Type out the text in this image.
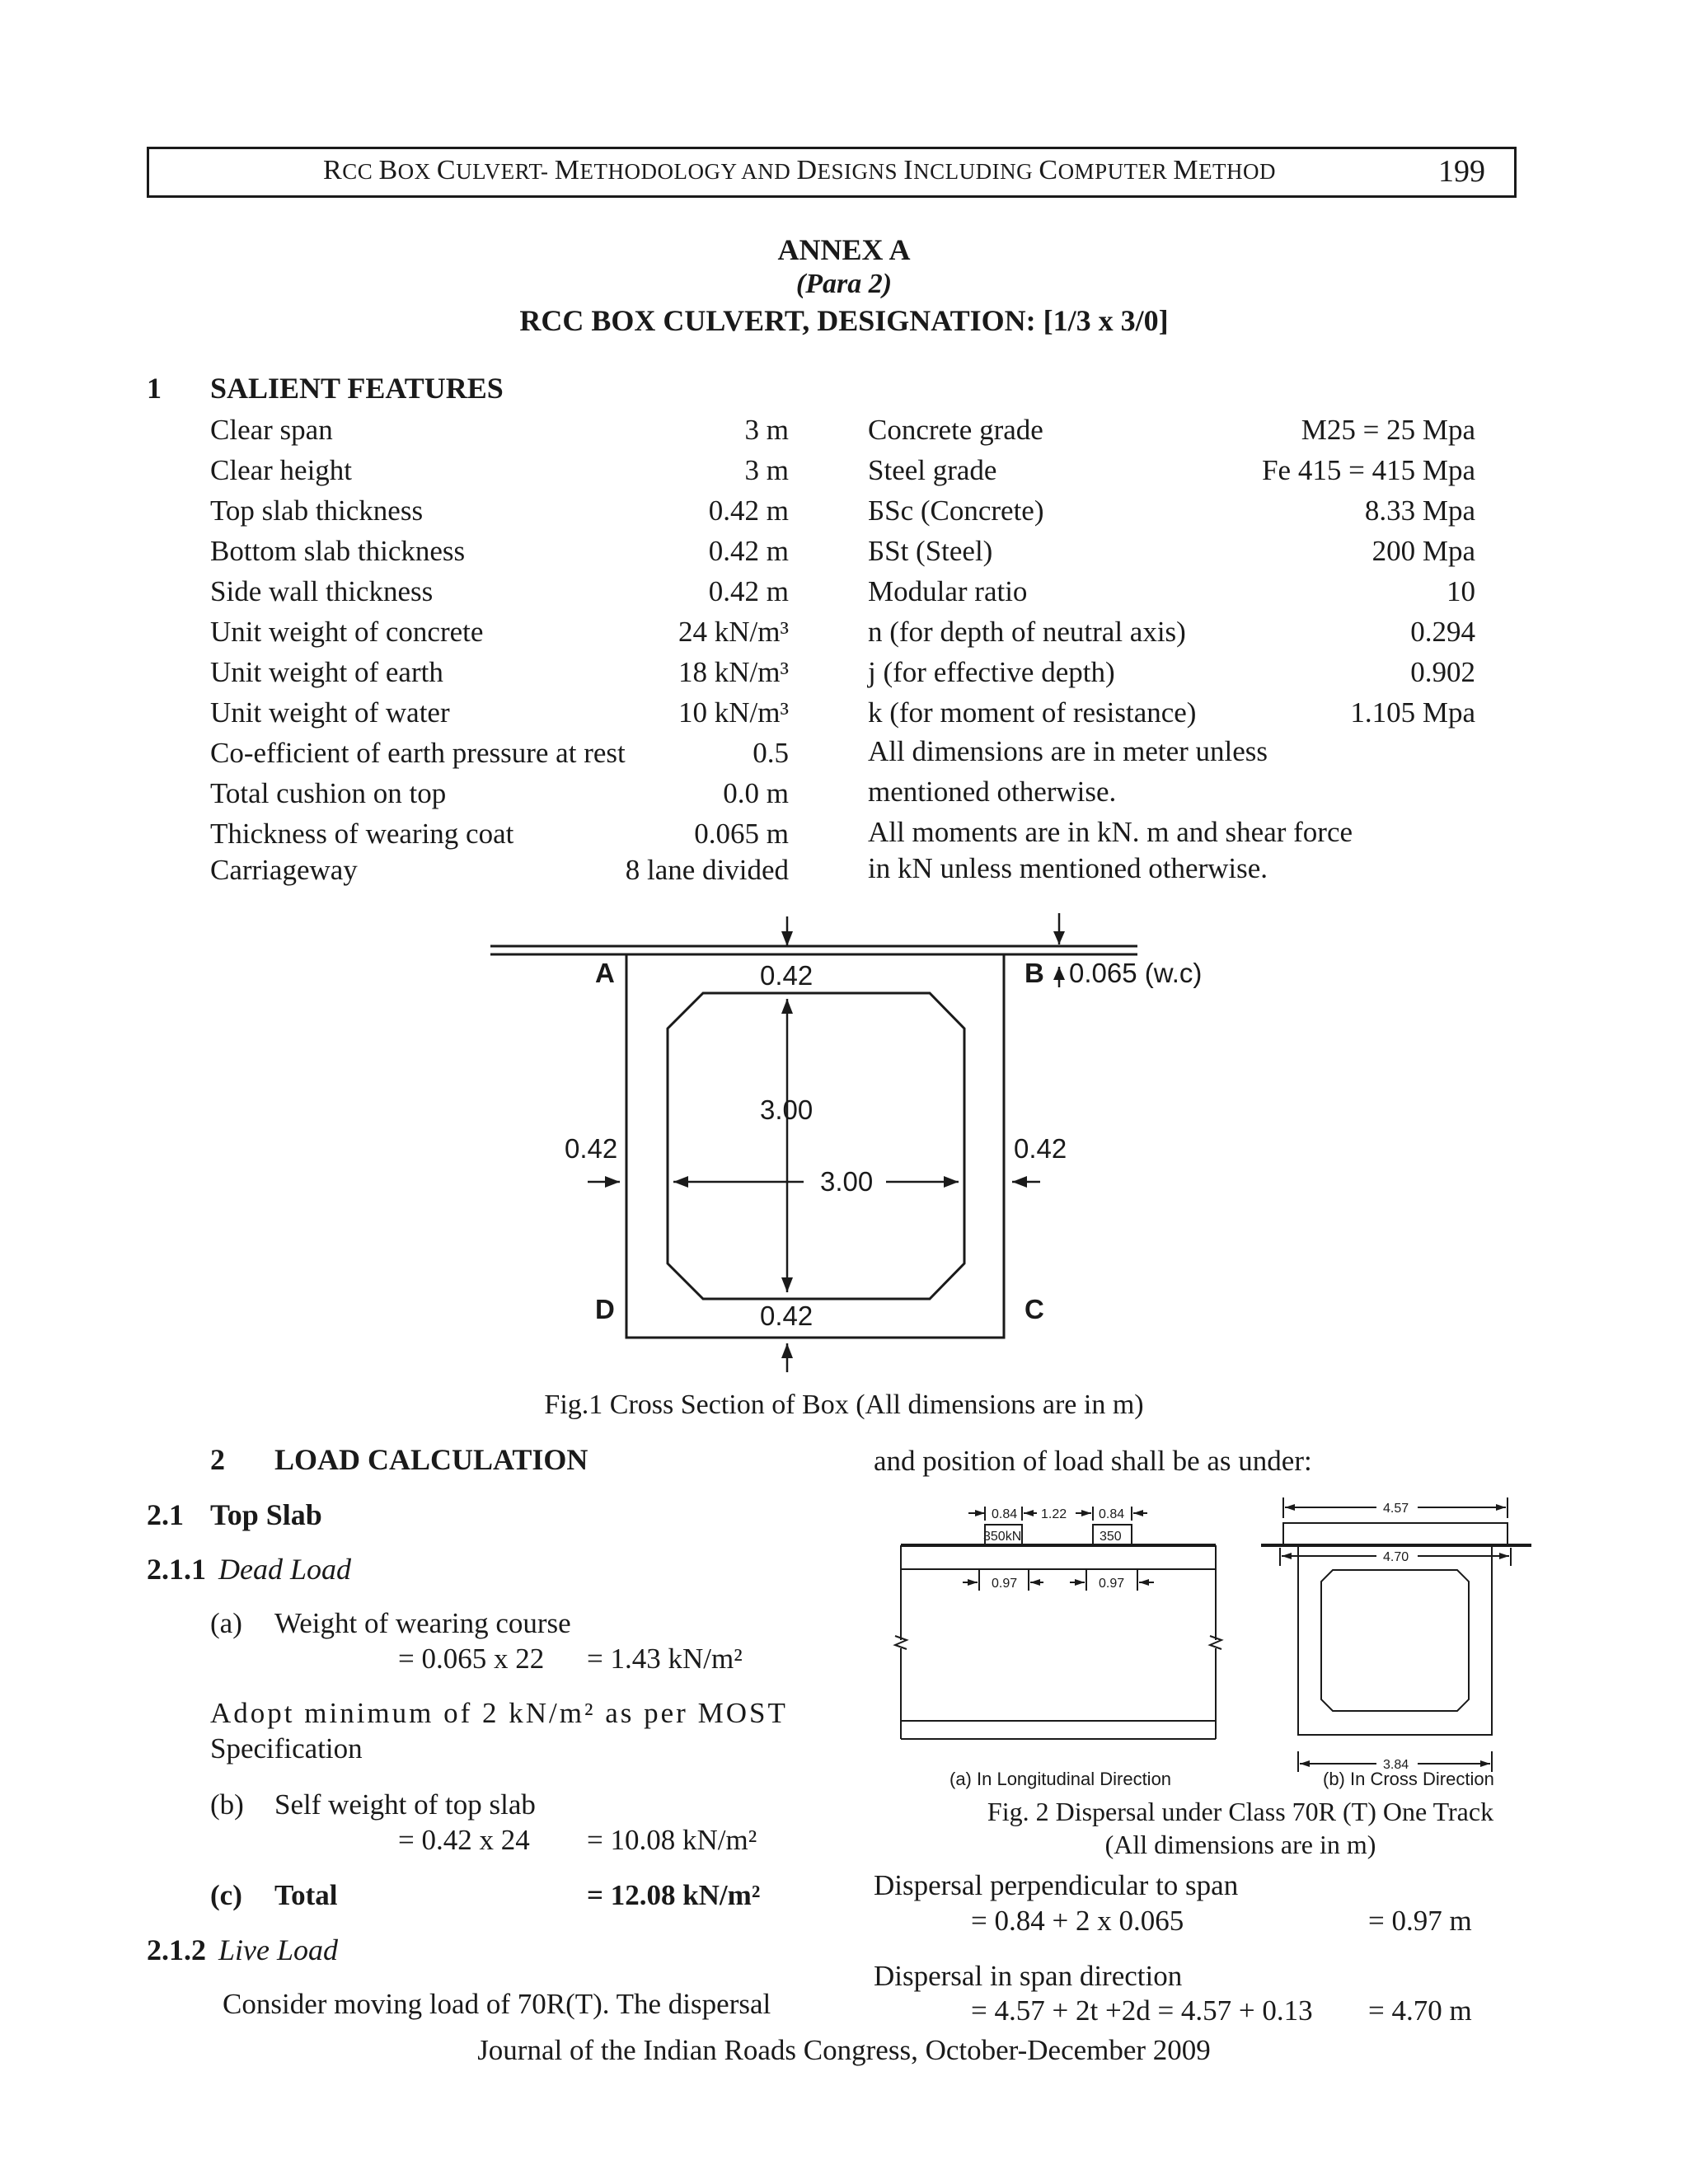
RCC BOX CULVERT- METHODOLOGY AND DESIGNS INCLUDING COMPUTER METHOD	199
ANNEX A
(Para 2)
RCC BOX CULVERT, DESIGNATION: [1/3 x 3/0]
1 SALIENT FEATURES
Clear span	3 m
Clear height	3 m
Top slab thickness	0.42 m
Bottom slab thickness	0.42 m
Side wall thickness	0.42 m
Unit weight of concrete	24 kN/m³
Unit weight of earth	18 kN/m³
Unit weight of water	10 kN/m³
Co-efficient of earth pressure at rest	0.5
Total cushion on top	0.0 m
Thickness of wearing coat	0.065 m
Carriageway	8 lane divided
Concrete grade	M25 = 25 Mpa
Steel grade	Fe 415 = 415 Mpa
БSc (Concrete)	8.33 Mpa
БSt (Steel)	200 Mpa
Modular ratio	10
n (for depth of neutral axis)	0.294
j (for effective depth)	0.902
k (for moment of resistance)	1.105 Mpa
All dimensions are in meter unless
mentioned otherwise.
All moments are in kN. m and shear force
in kN unless mentioned otherwise.
A	B
D	C
0.42	0.065 (w.c)
3.00
0.42	0.42
3.00
0.42
Fig.1 Cross Section of Box (All dimensions are in m)
2 LOAD CALCULATION
2.1 Top Slab
2.1.1 Dead Load
(a) Weight of wearing course
= 0.065 x 22 = 1.43 kN/m²
Adopt minimum of 2 kN/m² as per MOST
Specification
(b) Self weight of top slab
= 0.42 x 24 = 10.08 kN/m²
(c) Total	= 12.08 kN/m²
2.1.2 Live Load
Consider moving load of 70R(T). The dispersal
and position of load shall be as under:
0.84 1.22 0.84
350kN	350
0.97	0.97
4.57
4.70
3.84
(a) In Longitudinal Direction	(b) In Cross Direction
Fig. 2 Dispersal under Class 70R (T) One Track
(All dimensions are in m)
Dispersal perpendicular to span
= 0.84 + 2 x 0.065	= 0.97 m
Dispersal in span direction
= 4.57 + 2t +2d = 4.57 + 0.13 = 4.70 m
Journal of the Indian Roads Congress, October-December 2009
